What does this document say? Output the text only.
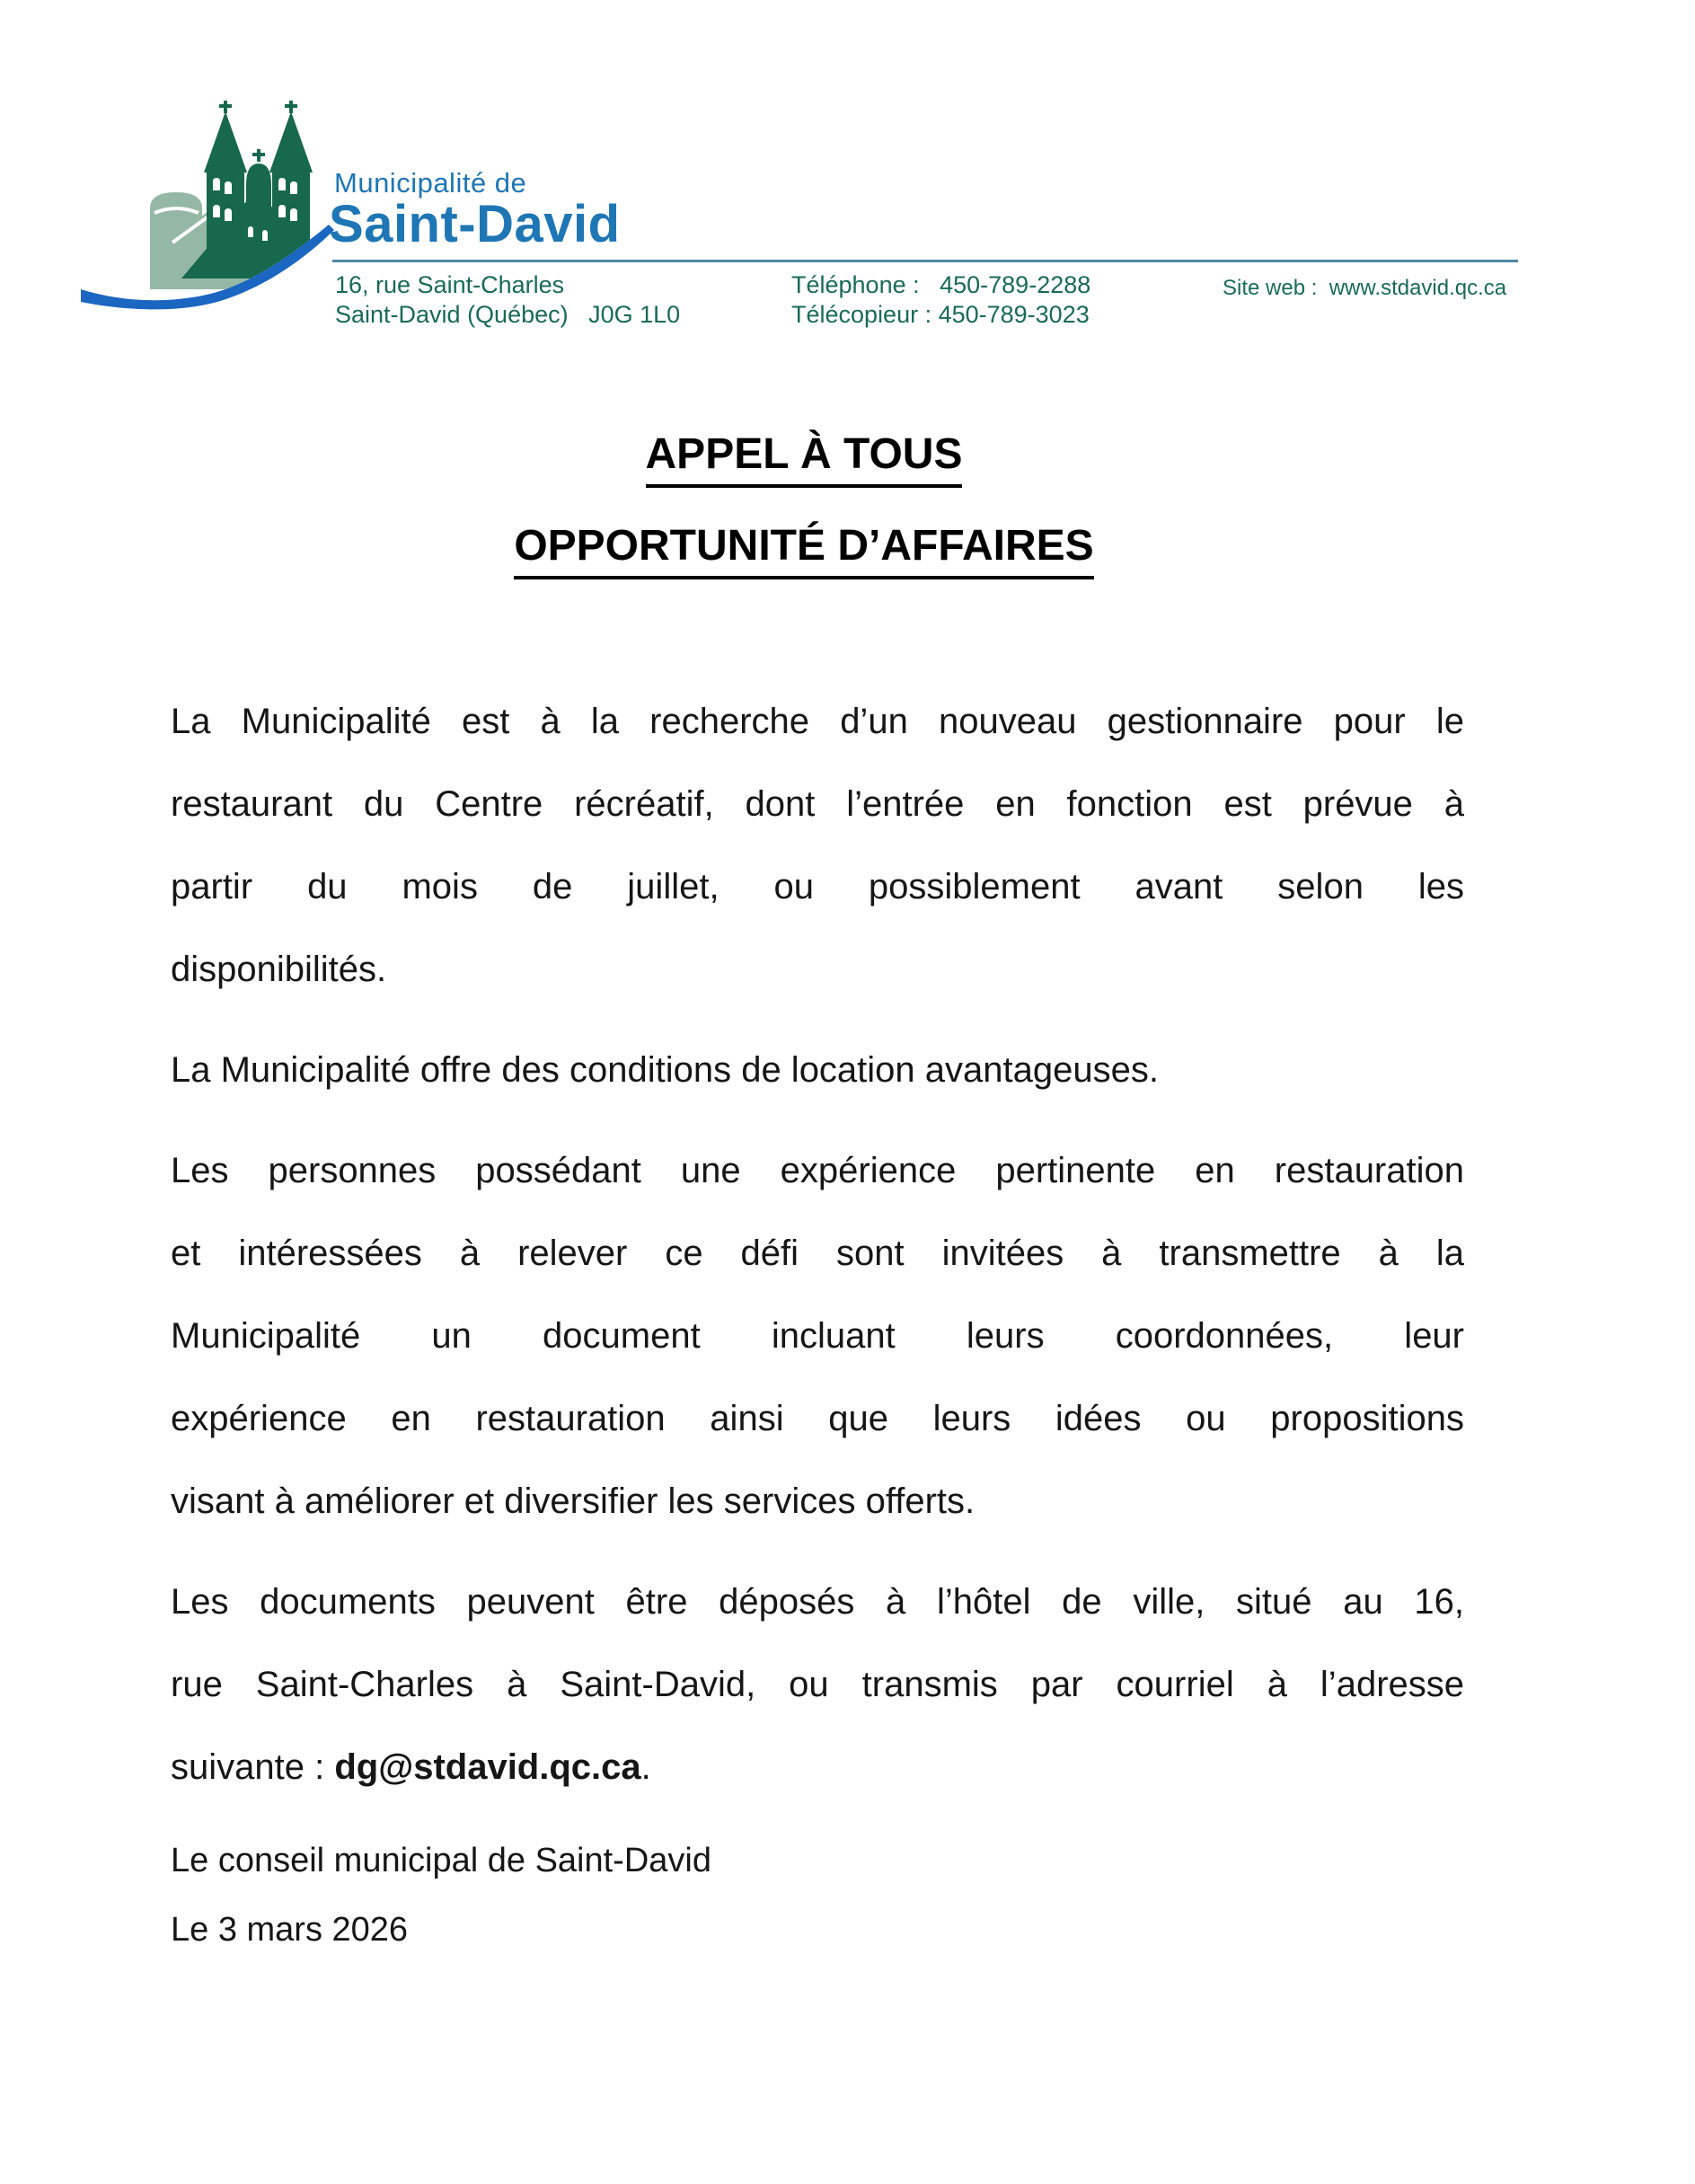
Municipalité de
Saint-David
16, rue Saint-Charles
Saint-David (Québec)   J0G 1L0
Téléphone :   450-789-2288
Télécopieur : 450-789-3023
Site web :  www.stdavid.qc.ca
APPEL À TOUS
OPPORTUNITÉ D’AFFAIRES
La Municipalité est à la recherche d’un nouveau gestionnaire pour le
restaurant du Centre récréatif, dont l’entrée en fonction est prévue à
partir du mois de juillet, ou possiblement avant selon les
disponibilités.
La Municipalité offre des conditions de location avantageuses.
Les personnes possédant une expérience pertinente en restauration
et intéressées à relever ce défi sont invitées à transmettre à la
Municipalité un document incluant leurs coordonnées, leur
expérience en restauration ainsi que leurs idées ou propositions
visant à améliorer et diversifier les services offerts.
Les documents peuvent être déposés à l’hôtel de ville, situé au 16,
rue Saint-Charles à Saint-David, ou transmis par courriel à l’adresse
suivante : dg@stdavid.qc.ca.
Le conseil municipal de Saint-David
Le 3 mars 2026
